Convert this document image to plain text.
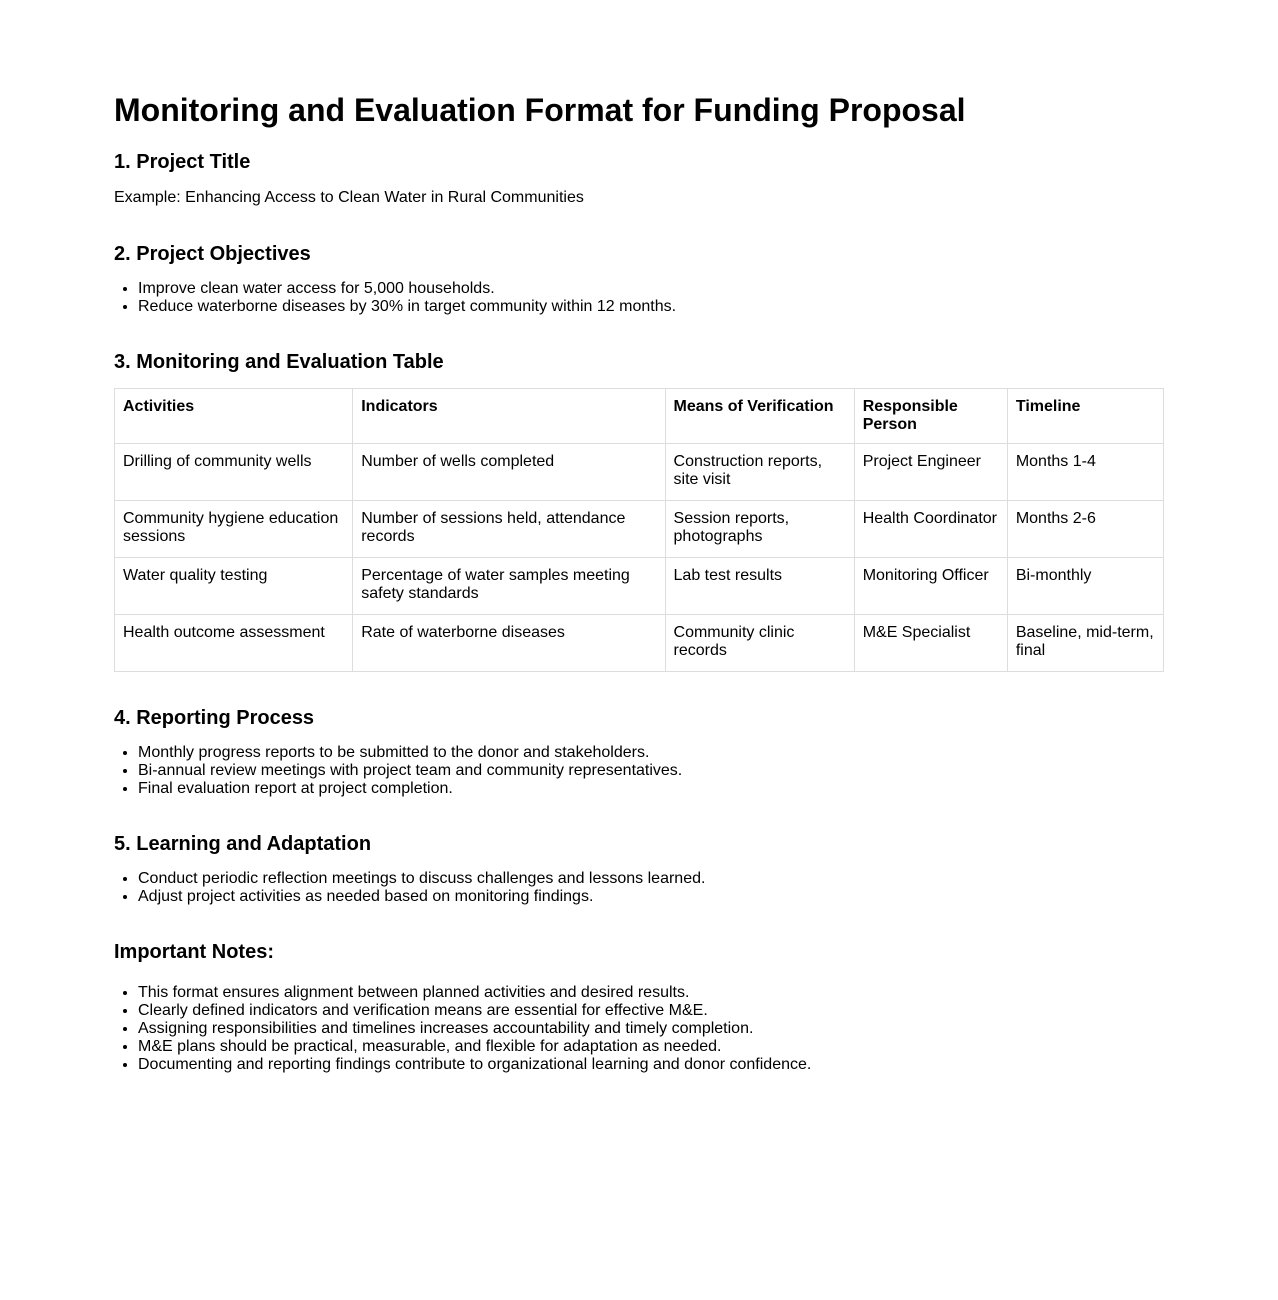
Monitoring and Evaluation Format for Funding Proposal
1. Project Title

Example: Enhancing Access to Clean Water in Rural Communities

2. Project Objectives
• Improve clean water access for 5,000 households.
• Reduce waterborne diseases by 30% in target community within 12 months.
3. Monitoring and Evaluation Table
Activities	Indicators	Means of Verification	Responsible Person	Timeline
Drilling of community wells	Number of wells completed	Construction reports, site visit	Project Engineer	Months 1-4
Community hygiene education sessions	Number of sessions held, attendance records	Session reports, photographs	Health Coordinator	Months 2-6
Water quality testing	Percentage of water samples meeting safety standards	Lab test results	Monitoring Officer	Bi-monthly
Health outcome assessment	Rate of waterborne diseases	Community clinic records	M&E Specialist	Baseline, mid-term, final
4. Reporting Process
• Monthly progress reports to be submitted to the donor and stakeholders.
• Bi-annual review meetings with project team and community representatives.
• Final evaluation report at project completion.
5. Learning and Adaptation
• Conduct periodic reflection meetings to discuss challenges and lessons learned.
• Adjust project activities as needed based on monitoring findings.
Important Notes:
• This format ensures alignment between planned activities and desired results.
• Clearly defined indicators and verification means are essential for effective M&E.
• Assigning responsibilities and timelines increases accountability and timely completion.
• M&E plans should be practical, measurable, and flexible for adaptation as needed.
• Documenting and reporting findings contribute to organizational learning and donor confidence.
